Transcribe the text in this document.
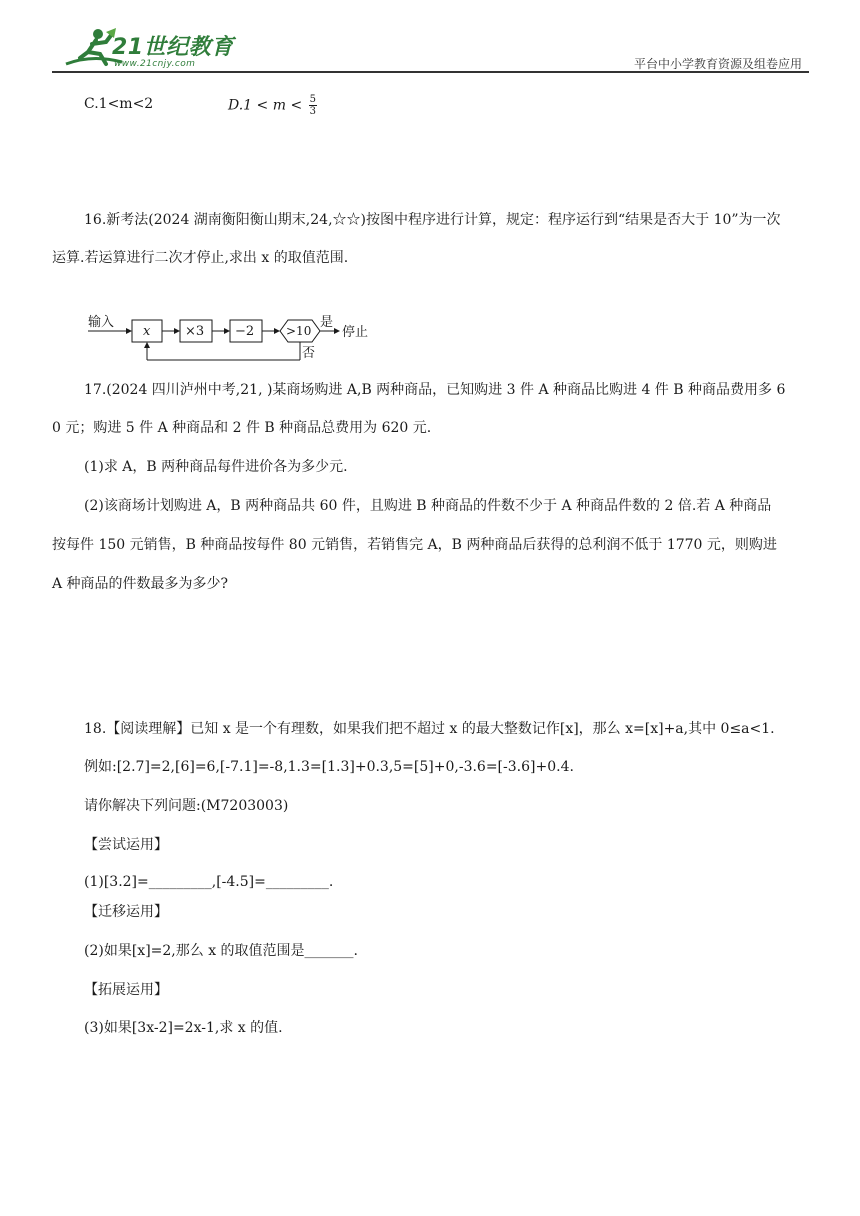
21世纪教育
www.21cnjy.com	平台中小学教育资源及组卷应用
C.1<m<2	$D.1 < m < \frac{5}{3}$
16.新考法(2024 湖南衡阳衡山期末,24,☆☆)按图中程序进行计算，规定：程序运行到“结果是否大于 10”为一次
运算.若运算进行二次才停止,求出 x 的取值范围.
输入
x	×3 −2	>10
是
停止
否
17.(2024 四川泸州中考,21, )某商场购进 A,B 两种商品，已知购进 3 件 A 种商品比购进 4 件 B 种商品费用多 6
0 元；购进 5 件 A 种商品和 2 件 B 种商品总费用为 620 元.
(1)求 A，B 两种商品每件进价各为多少元.
(2)该商场计划购进 A，B 两种商品共 60 件，且购进 B 种商品的件数不少于 A 种商品件数的 2 倍.若 A 种商品
按每件 150 元销售，B 种商品按每件 80 元销售，若销售完 A，B 两种商品后获得的总利润不低于 1770 元，则购进
A 种商品的件数最多为多少?
18.【阅读理解】已知 x 是一个有理数，如果我们把不超过 x 的最大整数记作[x]，那么 x=[x]+a,其中 0≤a<1.
例如:[2.7]=2,[6]=6,[-7.1]=-8,1.3=[1.3]+0.3,5=[5]+0,-3.6=[-3.6]+0.4.
请你解决下列问题:(M7203003)
【尝试运用】
(1)[3.2]=_________,[-4.5]=_________.
【迁移运用】
(2)如果[x]=2,那么 x 的取值范围是_______.
【拓展运用】
(3)如果[3x-2]=2x-1,求 x 的值.
